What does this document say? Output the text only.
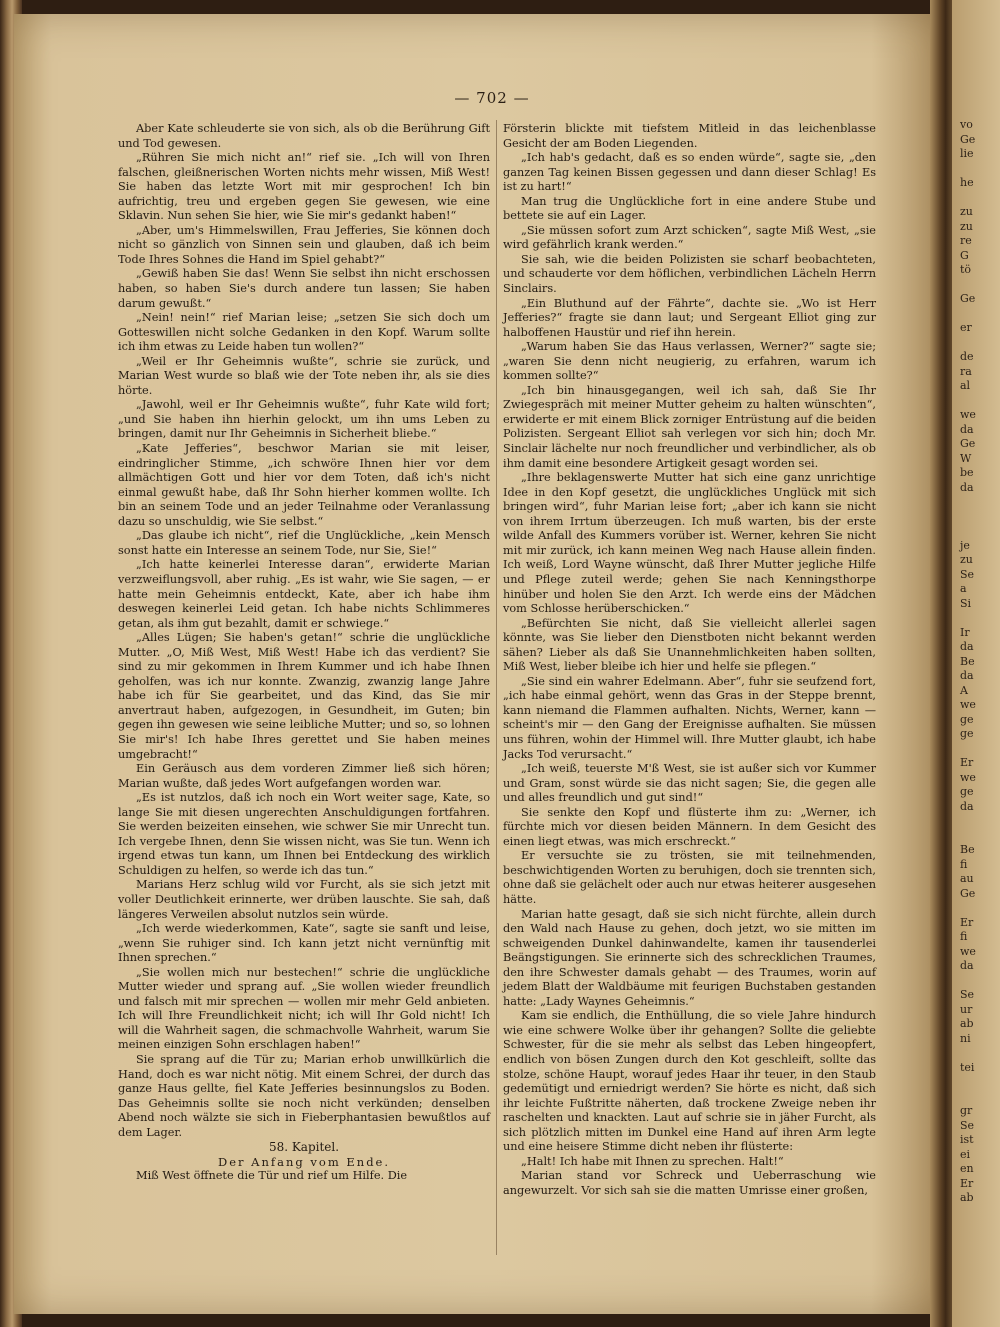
vo
Ge
lie
he
zu
zu
re
G
tö
Ge
er
de
ra
al
we
da
Ge
W
be
da
je
zu
Se
a
Si
Ir
da
Be
da
A
we
ge
ge
Er
we
ge
da
Be
fi
au
Ge
Er
fi
we
da
Se
ur
ab
ni
tei
gr
Se
ist
ei
en
Er
ab
— 702 —

Aber Kate schleuderte sie von sich, als ob die Berührung Gift und Tod gewesen.

„Rühren Sie mich nicht an!“ rief sie. „Ich will von Ihren falschen, gleißnerischen Worten nichts mehr wissen, Miß West! Sie haben das letzte Wort mit mir gesprochen! Ich bin aufrichtig, treu und ergeben gegen Sie gewesen, wie eine Sklavin. Nun sehen Sie hier, wie Sie mir's gedankt haben!“

„Aber, um's Himmelswillen, Frau Jefferies, Sie können doch nicht so gänzlich von Sinnen sein und glauben, daß ich beim Tode Ihres Sohnes die Hand im Spiel gehabt?“

„Gewiß haben Sie das! Wenn Sie selbst ihn nicht erschossen haben, so haben Sie's durch andere tun lassen; Sie haben darum gewußt.“

„Nein! nein!“ rief Marian leise; „setzen Sie sich doch um Gotteswillen nicht solche Gedanken in den Kopf. Warum sollte ich ihm etwas zu Leide haben tun wollen?“

„Weil er Ihr Geheimnis wußte“, schrie sie zurück, und Marian West wurde so blaß wie der Tote neben ihr, als sie dies hörte.

„Jawohl, weil er Ihr Geheimnis wußte“, fuhr Kate wild fort; „und Sie haben ihn hierhin gelockt, um ihn ums Leben zu bringen, damit nur Ihr Geheimnis in Sicherheit bliebe.“

„Kate Jefferies“, beschwor Marian sie mit leiser, eindringlicher Stimme, „ich schwöre Ihnen hier vor dem allmächtigen Gott und hier vor dem Toten, daß ich's nicht einmal gewußt habe, daß Ihr Sohn hierher kommen wollte. Ich bin an seinem Tode und an jeder Teilnahme oder Veranlassung dazu so unschuldig, wie Sie selbst.“

„Das glaube ich nicht“, rief die Unglückliche, „kein Mensch sonst hatte ein Interesse an seinem Tode, nur Sie, Sie!“

„Ich hatte keinerlei Interesse daran“, erwiderte Marian verzweiflungsvoll, aber ruhig. „Es ist wahr, wie Sie sagen, — er hatte mein Geheimnis entdeckt, Kate, aber ich habe ihm deswegen keinerlei Leid getan. Ich habe nichts Schlimmeres getan, als ihm gut bezahlt, damit er schwiege.“

„Alles Lügen; Sie haben's getan!“ schrie die unglückliche Mutter. „O, Miß West, Miß West! Habe ich das verdient? Sie sind zu mir gekommen in Ihrem Kummer und ich habe Ihnen geholfen, was ich nur konnte. Zwanzig, zwanzig lange Jahre habe ich für Sie gearbeitet, und das Kind, das Sie mir anvertraut haben, aufgezogen, in Gesundheit, im Guten; bin gegen ihn gewesen wie seine leibliche Mutter; und so, so lohnen Sie mir's! Ich habe Ihres gerettet und Sie haben meines umgebracht!“

Ein Geräusch aus dem vorderen Zimmer ließ sich hören; Marian wußte, daß jedes Wort aufgefangen worden war.

„Es ist nutzlos, daß ich noch ein Wort weiter sage, Kate, so lange Sie mit diesen ungerechten Anschuldigungen fortfahren. Sie werden beizeiten einsehen, wie schwer Sie mir Unrecht tun. Ich vergebe Ihnen, denn Sie wissen nicht, was Sie tun. Wenn ich irgend etwas tun kann, um Ihnen bei Entdeckung des wirklich Schuldigen zu helfen, so werde ich das tun.“

Marians Herz schlug wild vor Furcht, als sie sich jetzt mit voller Deutlichkeit erinnerte, wer drüben lauschte. Sie sah, daß längeres Verweilen absolut nutzlos sein würde.

„Ich werde wiederkommen, Kate“, sagte sie sanft und leise, „wenn Sie ruhiger sind. Ich kann jetzt nicht vernünftig mit Ihnen sprechen.“

„Sie wollen mich nur bestechen!“ schrie die unglückliche Mutter wieder und sprang auf. „Sie wollen wieder freundlich und falsch mit mir sprechen — wollen mir mehr Geld anbieten. Ich will Ihre Freundlichkeit nicht; ich will Ihr Gold nicht! Ich will die Wahrheit sagen, die schmachvolle Wahrheit, warum Sie meinen einzigen Sohn erschlagen haben!“

Sie sprang auf die Tür zu; Marian erhob unwillkürlich die Hand, doch es war nicht nötig. Mit einem Schrei, der durch das ganze Haus gellte, fiel Kate Jefferies besinnungslos zu Boden. Das Geheimnis sollte sie noch nicht verkünden; denselben Abend noch wälzte sie sich in Fieberphantasien bewußtlos auf dem Lager.

58. Kapitel.

Der Anfang vom Ende.

Miß West öffnete die Tür und rief um Hilfe. Die

Försterin blickte mit tiefstem Mitleid in das leichenblasse Gesicht der am Boden Liegenden.

„Ich hab's gedacht, daß es so enden würde“, sagte sie, „den ganzen Tag keinen Bissen gegessen und dann dieser Schlag! Es ist zu hart!“

Man trug die Unglückliche fort in eine andere Stube und bettete sie auf ein Lager.

„Sie müssen sofort zum Arzt schicken“, sagte Miß West, „sie wird gefährlich krank werden.“

Sie sah, wie die beiden Polizisten sie scharf beobachteten, und schauderte vor dem höflichen, verbindlichen Lächeln Herrn Sinclairs.

„Ein Bluthund auf der Fährte“, dachte sie. „Wo ist Herr Jefferies?“ fragte sie dann laut; und Sergeant Elliot ging zur halboffenen Haustür und rief ihn herein.

„Warum haben Sie das Haus verlassen, Werner?“ sagte sie; „waren Sie denn nicht neugierig, zu erfahren, warum ich kommen sollte?“

„Ich bin hinausgegangen, weil ich sah, daß Sie Ihr Zwiegespräch mit meiner Mutter geheim zu halten wünschten“, erwiderte er mit einem Blick zorniger Entrüstung auf die beiden Polizisten. Sergeant Elliot sah verlegen vor sich hin; doch Mr. Sinclair lächelte nur noch freundlicher und verbindlicher, als ob ihm damit eine besondere Artigkeit gesagt worden sei.

„Ihre beklagenswerte Mutter hat sich eine ganz unrichtige Idee in den Kopf gesetzt, die unglückliches Unglück mit sich bringen wird“, fuhr Marian leise fort; „aber ich kann sie nicht von ihrem Irrtum überzeugen. Ich muß warten, bis der erste wilde Anfall des Kummers vorüber ist. Werner, kehren Sie nicht mit mir zurück, ich kann meinen Weg nach Hause allein finden. Ich weiß, Lord Wayne wünscht, daß Ihrer Mutter jegliche Hilfe und Pflege zuteil werde; gehen Sie nach Kenningsthorpe hinüber und holen Sie den Arzt. Ich werde eins der Mädchen vom Schlosse herüberschicken.“

„Befürchten Sie nicht, daß Sie vielleicht allerlei sagen könnte, was Sie lieber den Dienstboten nicht bekannt werden sähen? Lieber als daß Sie Unannehmlichkeiten haben sollten, Miß West, lieber bleibe ich hier und helfe sie pflegen.“

„Sie sind ein wahrer Edelmann. Aber“, fuhr sie seufzend fort, „ich habe einmal gehört, wenn das Gras in der Steppe brennt, kann niemand die Flammen aufhalten. Nichts, Werner, kann — scheint's mir — den Gang der Ereignisse aufhalten. Sie müssen uns führen, wohin der Himmel will. Ihre Mutter glaubt, ich habe Jacks Tod verursacht.“

„Ich weiß, teuerste M'ß West, sie ist außer sich vor Kummer und Gram, sonst würde sie das nicht sagen; Sie, die gegen alle und alles freundlich und gut sind!“

Sie senkte den Kopf und flüsterte ihm zu: „Werner, ich fürchte mich vor diesen beiden Männern. In dem Gesicht des einen liegt etwas, was mich erschreckt.“

Er versuchte sie zu trösten, sie mit teilnehmenden, beschwichtigenden Worten zu beruhigen, doch sie trennten sich, ohne daß sie gelächelt oder auch nur etwas heiterer ausgesehen hätte.

Marian hatte gesagt, daß sie sich nicht fürchte, allein durch den Wald nach Hause zu gehen, doch jetzt, wo sie mitten im schweigenden Dunkel dahinwandelte, kamen ihr tausenderlei Beängstigungen. Sie erinnerte sich des schrecklichen Traumes, den ihre Schwester damals gehabt — des Traumes, worin auf jedem Blatt der Waldbäume mit feurigen Buchstaben gestanden hatte: „Lady Waynes Geheimnis.“

Kam sie endlich, die Enthüllung, die so viele Jahre hindurch wie eine schwere Wolke über ihr gehangen? Sollte die geliebte Schwester, für die sie mehr als selbst das Leben hingeopfert, endlich von bösen Zungen durch den Kot geschleift, sollte das stolze, schöne Haupt, worauf jedes Haar ihr teuer, in den Staub gedemütigt und erniedrigt werden? Sie hörte es nicht, daß sich ihr leichte Fußtritte näherten, daß trockene Zweige neben ihr raschelten und knackten. Laut auf schrie sie in jäher Furcht, als sich plötzlich mitten im Dunkel eine Hand auf ihren Arm legte und eine heisere Stimme dicht neben ihr flüsterte:

„Halt! Ich habe mit Ihnen zu sprechen. Halt!“

Marian stand vor Schreck und Ueberraschung wie angewurzelt. Vor sich sah sie die matten Umrisse einer großen,
